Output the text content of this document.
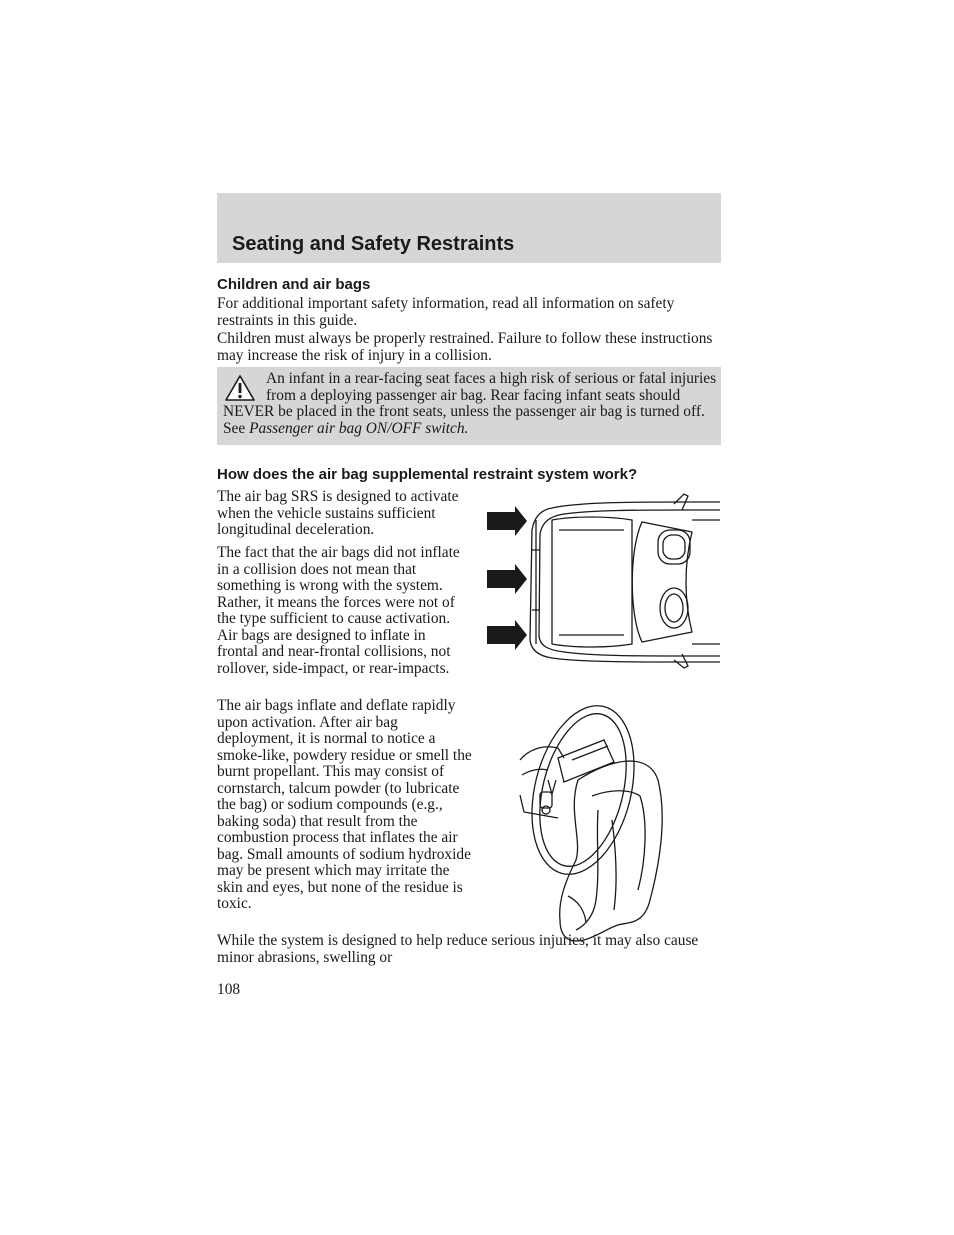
Seating and Safety Restraints
Children and air bags

For additional important safety information, read all information on safety restraints in this guide.

Children must always be properly restrained. Failure to follow these instructions may increase the risk of injury in a collision.

An infant in a rear-facing seat faces a high risk of serious or fatal injuries from a deploying passenger air bag. Rear facing infant seats should NEVER be placed in the front seats, unless the passenger air bag is turned off. See Passenger air bag ON/OFF switch.

How does the air bag supplemental restraint system work?

The air bag SRS is designed to activate when the vehicle sustains sufficient longitudinal deceleration.

The fact that the air bags did not inflate in a collision does not mean that something is wrong with the system. Rather, it means the forces were not of the type sufficient to cause activation. Air bags are designed to inflate in frontal and near-frontal collisions, not rollover, side-impact, or rear-impacts.

The air bags inflate and deflate rapidly upon activation. After air bag deployment, it is normal to notice a smoke-like, powdery residue or smell the burnt propellant. This may consist of cornstarch, talcum powder (to lubricate the bag) or sodium compounds (e.g., baking soda) that result from the combustion process that inflates the air bag. Small amounts of sodium hydroxide may be present which may irritate the skin and eyes, but none of the residue is toxic.

While the system is designed to help reduce serious injuries, it may also cause minor abrasions, swelling or

108
